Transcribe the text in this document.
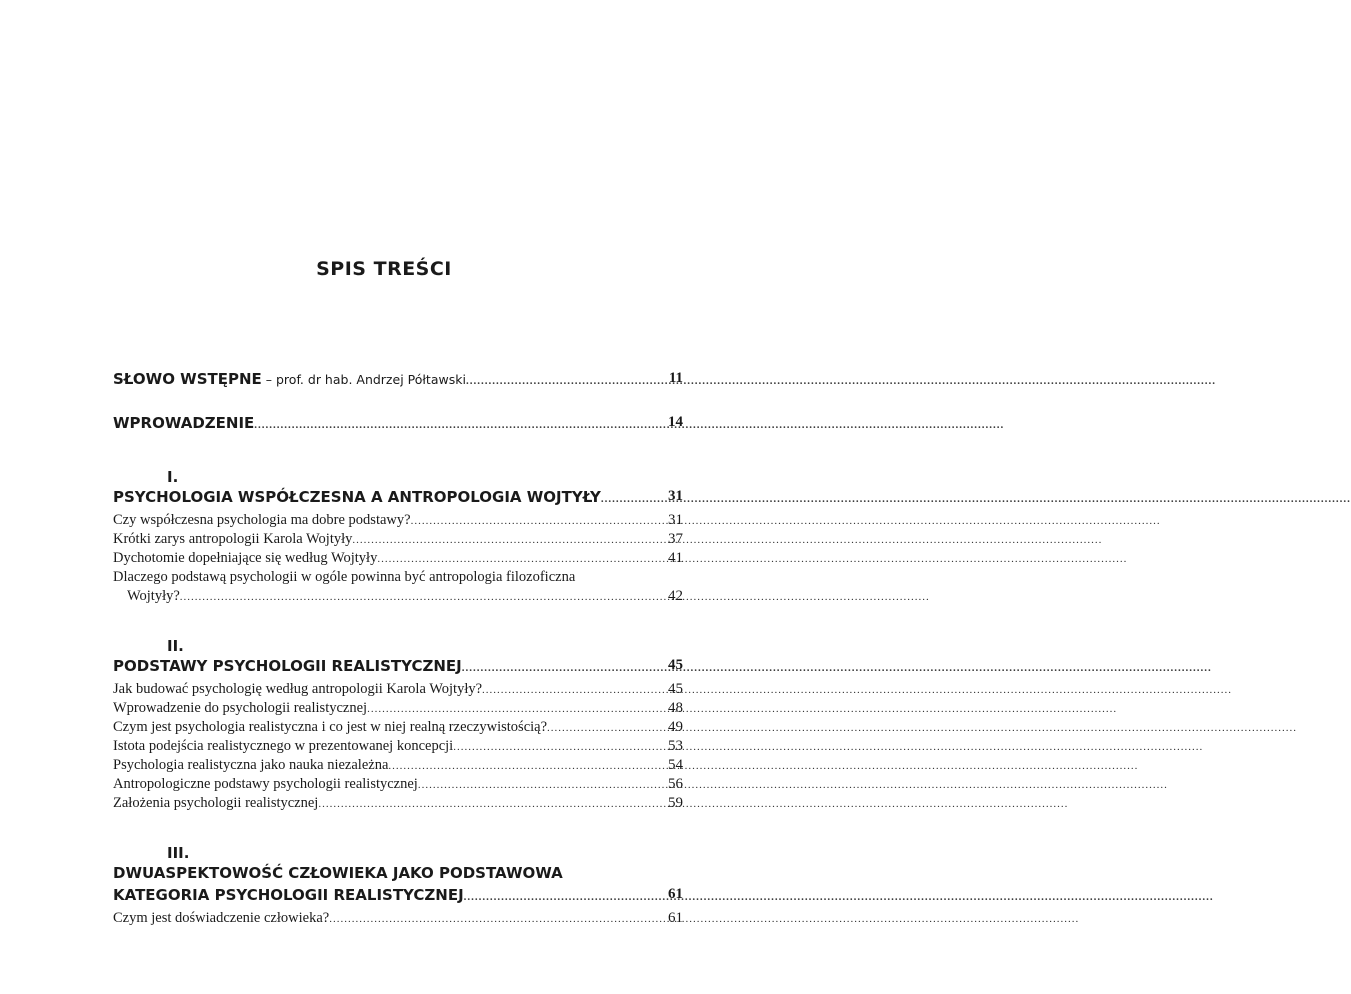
SPIS TREŚCI
SŁOWO WSTĘPNE – prof. dr hab. Andrzej Półtawski .....	11
WPROWADZENIE .....	14
I.
PSYCHOLOGIA WSPÓŁCZESNA A ANTROPOLOGIA WOJTYŁY .....	31
Czy współczesna psychologia ma dobre podstawy? .....	31
Krótki zarys antropologii Karola Wojtyły .....	37
Dychotomie dopełniające się według Wojtyły .....	41
Dlaczego podstawą psychologii w ogóle powinna być antropologia filozoficzna
Wojtyły? .....	42
II.
PODSTAWY PSYCHOLOGII REALISTYCZNEJ .....	45
Jak budować psychologię według antropologii Karola Wojtyły? .....	45
Wprowadzenie do psychologii realistycznej .....	48
Czym jest psychologia realistyczna i co jest w niej realną rzeczywistością? .....	49
Istota podejścia realistycznego w prezentowanej koncepcji .....	53
Psychologia realistyczna jako nauka niezależna .....	54
Antropologiczne podstawy psychologii realistycznej .....	56
Założenia psychologii realistycznej .....	59
III.
DWUASPEKTOWOŚĆ CZŁOWIEKA JAKO PODSTAWOWA
KATEGORIA PSYCHOLOGII REALISTYCZNEJ .....	61
Czym jest doświadczenie człowieka? .....	61
